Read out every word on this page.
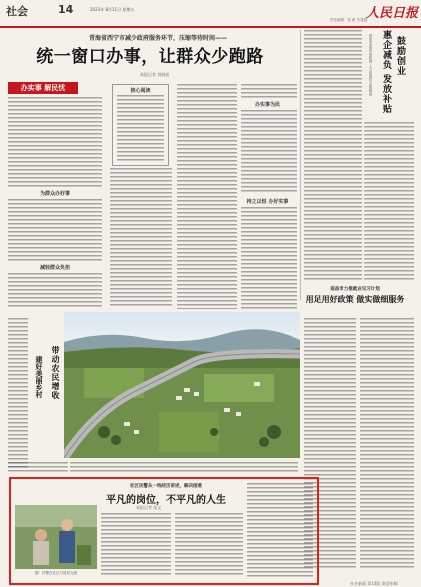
社会	14	2023年 8月11日 星期五	人民日报
责任编辑：张 帆 朱建国
青海省西宁市减少政府服务环节，压缩等待时间——
统一窗口办事，让群众少跑路
本报记者 刘晓旭
办实事 解民忧
为群众办好事
减轻群众负担
核心阅读
办实事为民
持之以恒 办好实事
国家发改委 财政部 人力资源社会保障部 惠企减负 发放补贴 鼓励创业
南昌市力推就业见习计划
用足用好政策 做实做细服务
带动农民增收
建好美丽乡村
社区民警从一线经历讲述，解决困难
平凡的岗位，不平凡的人生
本报记者 张文
图：民警在社区与居民交流
社会新闻 第14版 欢迎来稿
